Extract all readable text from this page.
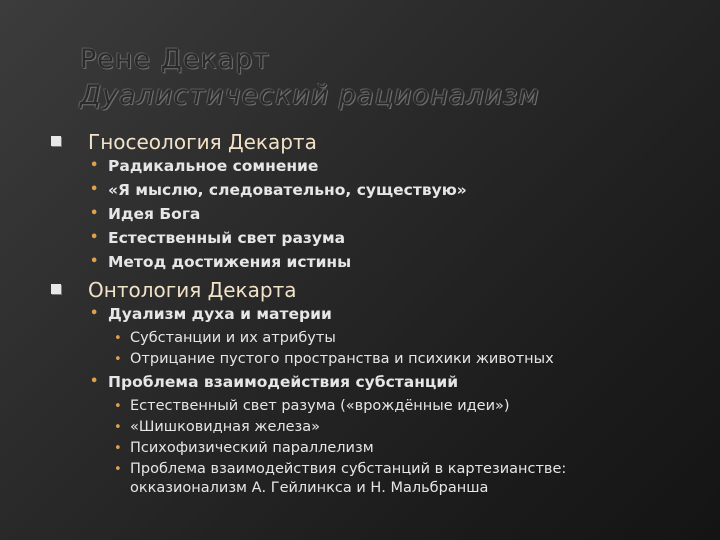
Рене Декарт
Дуалистический рационализм
Гносеология Декарта
• Радикальное сомнение
• «Я мыслю, следовательно, существую»
• Идея Бога
• Естественный свет разума
• Метод достижения истины
Онтология Декарта
• Дуализм духа и материи
• Субстанции и их атрибуты
• Отрицание пустого пространства и психики животных
• Проблема взаимодействия субстанций
• Естественный свет разума («врождённые идеи»)
• «Шишковидная железа»
• Психофизический параллелизм
• Проблема взаимодействия субстанций в картезианстве:
окказионализм А. Гейлинкса и Н. Мальбранша
